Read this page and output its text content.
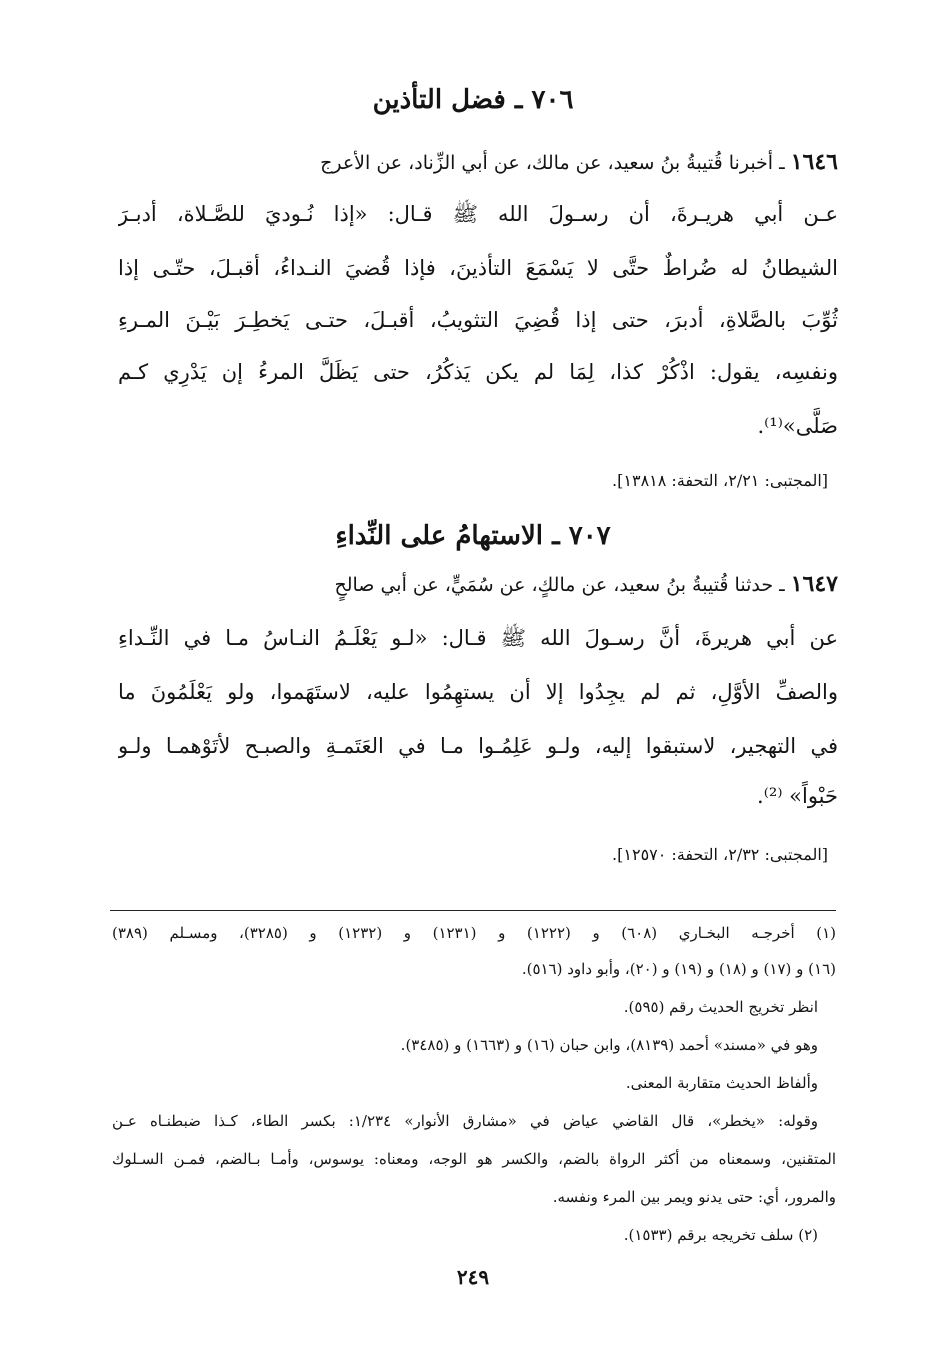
٧٠٦ ـ فضل التأذين
١٦٤٦ ـ أخبرنا قُتيبةُ بنُ سعيد، عن مالك، عن أبي الزِّناد، عن الأعرج
عـن أبي هريـرةَ، أن رسـولَ الله ﷺ قـال: «إذا نُـوديَ للصَّـلاة، أدبـرَ
الشيطانُ له ضُراطٌ حتَّى لا يَسْمَعَ التأذينَ، فإذا قُضيَ النـداءُ، أقبـلَ، حتّـى إذا
ثُوِّبَ بالصَّلاةِ، أدبرَ، حتى إذا قُضِيَ التثويبُ، أقبـلَ، حتـى يَخطِـرَ بَيْـنَ المـرءِ
ونفسِه، يقول: اذْكُرْ كذا، لِمَا لم يكن يَذكُرُ، حتى يَظَلَّ المرءُ إن يَدْرِي كـم
صَلَّى»⁽¹⁾.
[المجتبى: ٢/٢١، التحفة: ١٣٨١٨].
٧٠٧ ـ الاستهامُ على النِّداءِ
١٦٤٧ ـ حدثنا قُتيبةُ بنُ سعيد، عن مالكٍ، عن سُمَيٍّ، عن أبي صالحٍ
عن أبي هريرةَ، أنَّ رسـولَ الله ﷺ قـال: «لـو يَعْلَـمُ النـاسُ مـا في النِّـداءِ
والصفِّ الأوَّلِ، ثم لم يجِدُوا إلا أن يستهِمُوا عليه، لاستَهَموا، ولو يَعْلَمُونَ ما
في التهجير، لاستبقوا إليه، ولـو عَلِمُـوا مـا في العَتَمـةِ والصبـح لأتَوْهمـا ولـو
حَبْواً» ⁽²⁾.
[المجتبى: ٢/٣٢، التحفة: ١٢٥٧٠].
(١) أخرجـه البخـاري (٦٠٨) و (١٢٢٢) و (١٢٣١) و (١٢٣٢) و (٣٢٨٥)، ومسـلم (٣٨٩)
(١٦) و (١٧) و (١٨) و (١٩) و (٢٠)، وأبو داود (٥١٦).
انظر تخريج الحديث رقم (٥٩٥).
وهو في «مسند» أحمد (٨١٣٩)، وابن حبان (١٦) و (١٦٦٣) و (٣٤٨٥).
وألفاظ الحديث متقاربة المعنى.
وقوله: «يخطر»، قال القاضي عياض في «مشارق الأنوار» ١/٢٣٤: بكسر الطاء، كـذا ضبطنـاه عـن
المتقنين، وسمعناه من أكثر الرواة بالضم، والكسر هو الوجه، ومعناه: يوسوس، وأمـا بـالضم، فمـن السـلوك
والمرور، أي: حتى يدنو ويمر بين المرء ونفسه.
(٢) سلف تخريجه برقم (١٥٣٣).
٢٤٩
